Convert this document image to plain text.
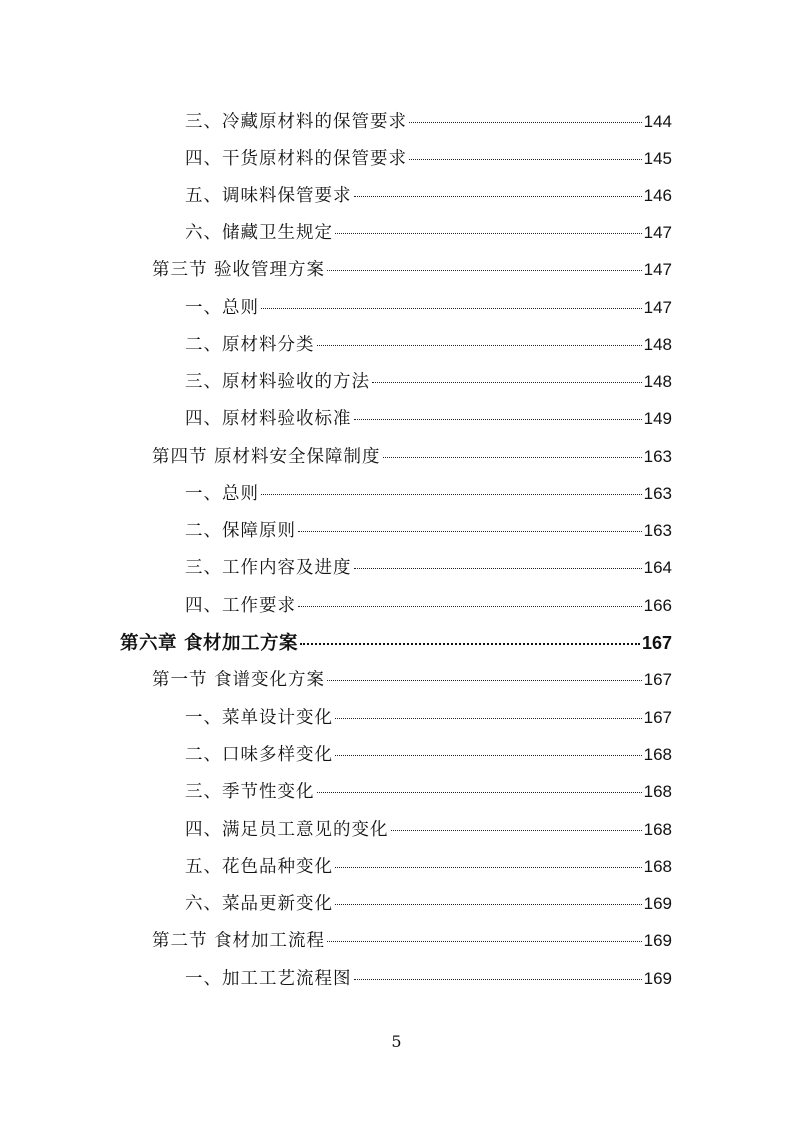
三、冷藏原材料的保管要求	144
四、干货原材料的保管要求	145
五、调味料保管要求	146
六、储藏卫生规定	147
第三节 验收管理方案	147
一、总则	147
二、原材料分类	148
三、原材料验收的方法	148
四、原材料验收标准	149
第四节 原材料安全保障制度	163
一、总则	163
二、保障原则	163
三、工作内容及进度	164
四、工作要求	166
第六章 食材加工方案	167
第一节 食谱变化方案	167
一、菜单设计变化	167
二、口味多样变化	168
三、季节性变化	168
四、满足员工意见的变化	168
五、花色品种变化	168
六、菜品更新变化	169
第二节 食材加工流程	169
一、加工工艺流程图	169
5
